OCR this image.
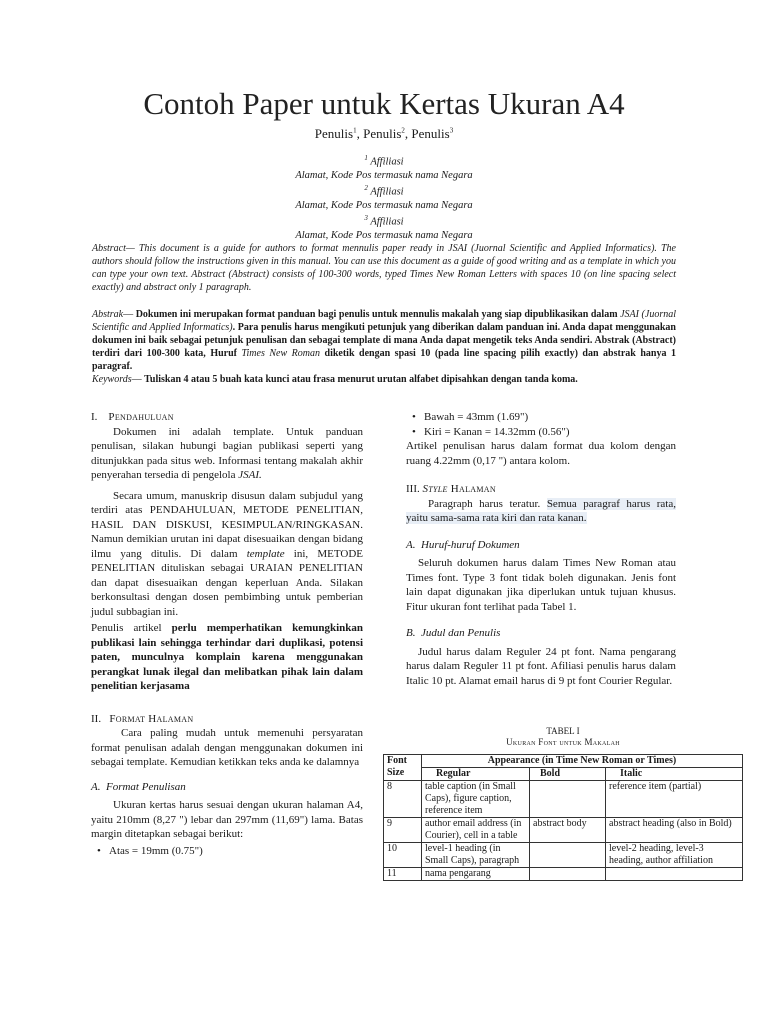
Contoh Paper untuk Kertas Ukuran A4
Penulis$^1$, Penulis$^2$, Penulis$^3$
$^1$ Affiliasi
Alamat, Kode Pos termasuk nama Negara
$^2$ Affiliasi
Alamat, Kode Pos termasuk nama Negara
$^3$ Affiliasi
Alamat, Kode Pos termasuk nama Negara
Abstract— This document is a guide for authors to format mennulis paper ready in JSAI (Juornal Scientific and Applied Informatics). The authors should follow the instructions given in this manual. You can use this document as a guide of good writing and as a template in which you can type your own text. Abstract (Abstract) consists of 100-300 words, typed Times New Roman Letters with spaces 10 (on line spacing select exactly) and abstract only 1 paragraph.
Abstrak— Dokumen ini merupakan format panduan bagi penulis untuk mennulis makalah yang siap dipublikasikan dalam JSAI (Juornal Scientific and Applied Informatics). Para penulis harus mengikuti petunjuk yang diberikan dalam panduan ini. Anda dapat menggunakan dokumen ini baik sebagai petunjuk penulisan dan sebagai template di mana Anda dapat mengetik teks Anda sendiri. Abstrak (Abstract) terdiri dari 100-300 kata, Huruf Times New Roman diketik dengan spasi 10 (pada line spacing pilih exactly) dan abstrak hanya 1 paragraf.
Keywords— Tuliskan 4 atau 5 buah kata kunci atau frasa menurut urutan alfabet dipisahkan dengan tanda koma.
I. Pendahuluan
Dokumen ini adalah template. Untuk panduan penulisan, silakan hubungi bagian publikasi seperti yang ditunjukkan pada situs web. Informasi tentang makalah akhir penyerahan tersedia di pengelola JSAI.
Secara umum, manuskrip disusun dalam subjudul yang terdiri atas PENDAHULUAN, METODE PENELITIAN, HASIL DAN DISKUSI, KESIMPULAN/RINGKASAN. Namun demikian urutan ini dapat disesuaikan dengan bidang ilmu yang ditulis. Di dalam template ini, METODE PENELITIAN dituliskan sebagai URAIAN PENELITIAN dan dapat disesuaikan dengan keperluan Anda. Silakan berkonsultasi dengan dosen pembimbing untuk pemberian judul subbagian ini.
Penulis artikel perlu memperhatikan kemungkinkan publikasi lain sehingga terhindar dari duplikasi, potensi paten, munculnya komplain karena menggunakan perangkat lunak ilegal dan melibatkan pihak lain dalam penelitian kerjasama
II. Format Halaman
Cara paling mudah untuk memenuhi persyaratan format penulisan adalah dengan menggunakan dokumen ini sebagai template. Kemudian ketikkan teks anda ke dalamnya
A. Format Penulisan
Ukuran kertas harus sesuai dengan ukuran halaman A4, yaitu 210mm (8,27 ") lebar dan 297mm (11,69") lama. Batas margin ditetapkan sebagai berikut:
• Atas = 19mm (0.75")
• Bawah = 43mm (1.69")
• Kiri = Kanan = 14.32mm (0.56")
Artikel penulisan harus dalam format dua kolom dengan ruang 4.22mm (0,17 ") antara kolom.
III. Style Halaman
Paragraph harus teratur. Semua paragraf harus rata, yaitu sama-sama rata kiri dan rata kanan.
A. Huruf-huruf Dokumen
Seluruh dokumen harus dalam Times New Roman atau Times font. Type 3 font tidak boleh digunakan. Jenis font lain dapat digunakan jika diperlukan untuk tujuan khusus. Fitur ukuran font terlihat pada Tabel 1.
B. Judul dan Penulis
Judul harus dalam Reguler 24 pt font. Nama pengarang harus dalam Reguler 11 pt font. Afiliasi penulis harus dalam Italic 10 pt. Alamat email harus di 9 pt font Courier Regular.
TABEL I
Ukuran Font untuk Makalah
Font
Size	Appearance (in Time New Roman or Times)		
	Regular	Bold	Italic
8	table caption (in Small Caps), figure caption, reference item		reference item (partial)
9	author email address (in Courier), cell in a table	abstract body	abstract heading (also in Bold)
10	level-1 heading (in Small Caps), paragraph		level-2 heading, level-3 heading, author affiliation
11	nama pengarang		
